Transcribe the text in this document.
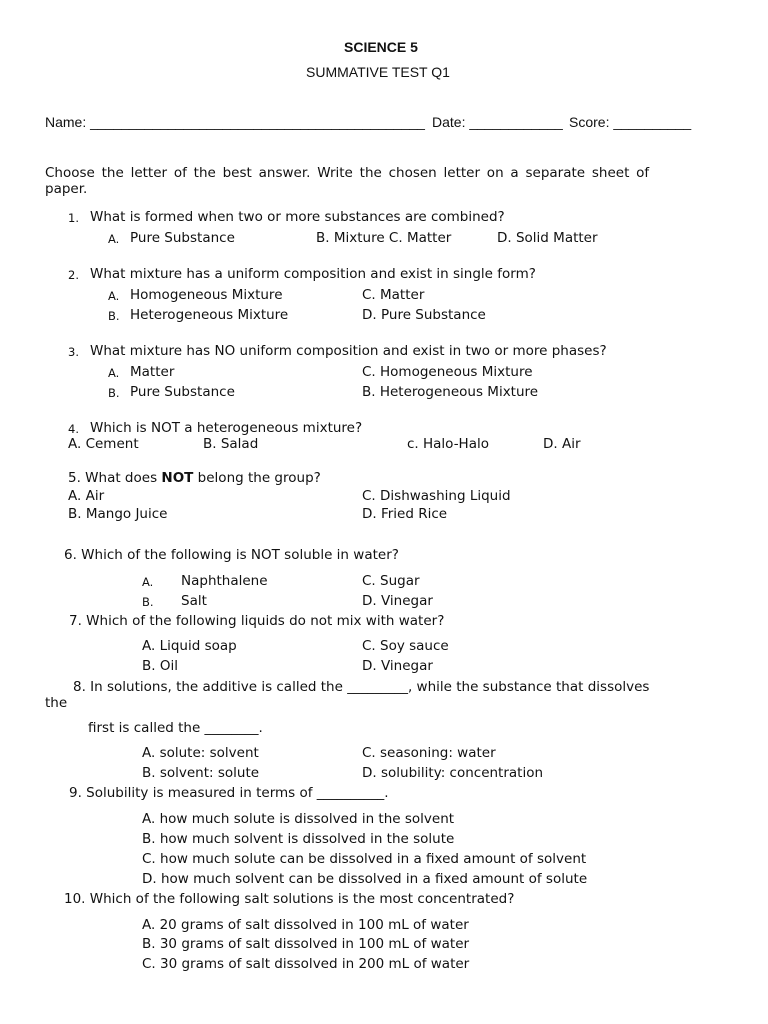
SCIENCE 5
SUMMATIVE TEST Q1
Name: ___________________________________________ Date: ____________ Score: __________
Choose the letter of the best answer. Write the chosen letter on a separate sheet of
paper.
1. What is formed when two or more substances are combined?
A. Pure Substance	B. Mixture C. Matter	D. Solid Matter
2. What mixture has a uniform composition and exist in single form?
A. Homogeneous Mixture	C. Matter
B. Heterogeneous Mixture	D. Pure Substance
3. What mixture has NO uniform composition and exist in two or more phases?
A. Matter	C. Homogeneous Mixture
B. Pure Substance	B. Heterogeneous Mixture
4. Which is NOT a heterogeneous mixture?
A. Cement	B. Salad	c. Halo-Halo	D. Air
5. What does NOT belong the group?
A. Air	C. Dishwashing Liquid
B. Mango Juice	D. Fried Rice
6. Which of the following is NOT soluble in water?
A. Naphthalene	C. Sugar
B. Salt	D. Vinegar
7. Which of the following liquids do not mix with water?
A. Liquid soap	C. Soy sauce
B. Oil	D. Vinegar
8. In solutions, the additive is called the _________, while the substance that dissolves
the
first is called the ________.
A. solute: solvent	C. seasoning: water
B. solvent: solute	D. solubility: concentration
9. Solubility is measured in terms of __________.
A. how much solute is dissolved in the solvent
B. how much solvent is dissolved in the solute
C. how much solute can be dissolved in a fixed amount of solvent
D. how much solvent can be dissolved in a fixed amount of solute
10. Which of the following salt solutions is the most concentrated?
A. 20 grams of salt dissolved in 100 mL of water
B. 30 grams of salt dissolved in 100 mL of water
C. 30 grams of salt dissolved in 200 mL of water
